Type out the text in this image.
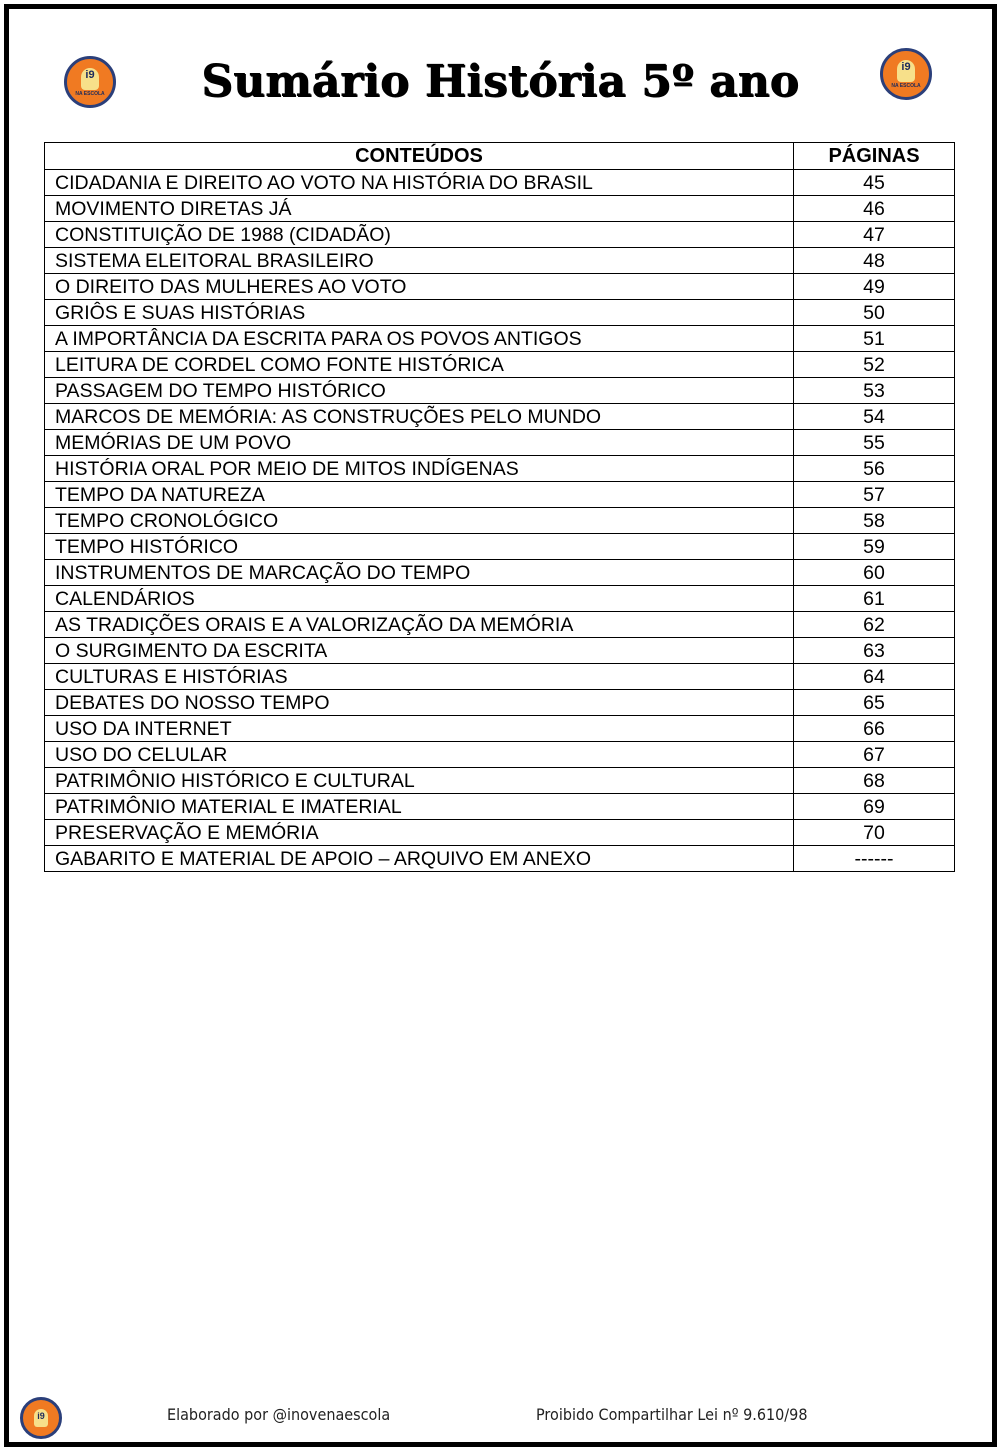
i9
NA ESCOLA
i9
NA ESCOLA
Sumário História 5º ano
CONTEÚDOS	PÁGINAS
CIDADANIA E DIREITO AO VOTO NA HISTÓRIA DO BRASIL	45
MOVIMENTO DIRETAS JÁ	46
CONSTITUIÇÃO DE 1988 (CIDADÃO)	47
SISTEMA ELEITORAL BRASILEIRO	48
O DIREITO DAS MULHERES AO VOTO	49
GRIÔS E SUAS HISTÓRIAS	50
A IMPORTÂNCIA DA ESCRITA PARA OS POVOS ANTIGOS	51
LEITURA DE CORDEL COMO FONTE HISTÓRICA	52
PASSAGEM DO TEMPO HISTÓRICO	53
MARCOS DE MEMÓRIA: AS CONSTRUÇÕES PELO MUNDO	54
MEMÓRIAS DE UM POVO	55
HISTÓRIA ORAL POR MEIO DE MITOS INDÍGENAS	56
TEMPO DA NATUREZA	57
TEMPO CRONOLÓGICO	58
TEMPO HISTÓRICO	59
INSTRUMENTOS DE MARCAÇÃO DO TEMPO	60
CALENDÁRIOS	61
AS TRADIÇÕES ORAIS E A VALORIZAÇÃO DA MEMÓRIA	62
O SURGIMENTO DA ESCRITA	63
CULTURAS E HISTÓRIAS	64
DEBATES DO NOSSO TEMPO	65
USO DA INTERNET	66
USO DO CELULAR	67
PATRIMÔNIO HISTÓRICO E CULTURAL	68
PATRIMÔNIO MATERIAL E IMATERIAL	69
PRESERVAÇÃO E MEMÓRIA	70
GABARITO E MATERIAL DE APOIO – ARQUIVO EM ANEXO	------
i9	Elaborado por @inovenaescola	Proibido Compartilhar Lei nº 9.610/98
